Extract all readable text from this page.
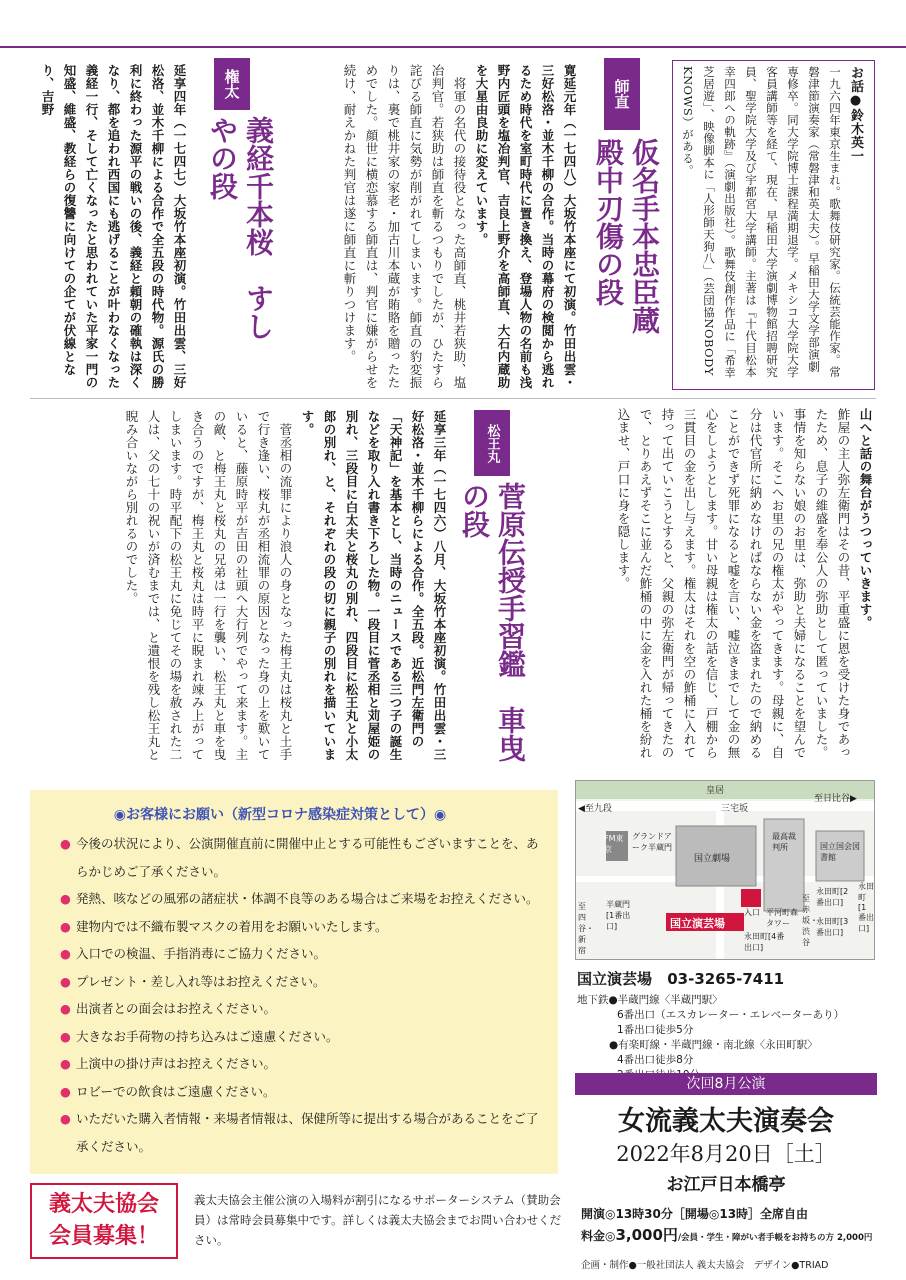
お話●鈴木英一
一九六四年東京生まれ。歌舞伎研究家。伝統芸能作家。常磐津節演奏家（常磐津和英太夫）。早稲田大学文学部演劇専修卒。同大学院博士課程満期退学。メキシコ大学院大学客員講師等を経て、現在、早稲田大学演劇博物館招聘研究員、聖学院大学及び宇都宮大学講師。主著は『十代目松本幸四郎への軌跡』（演劇出版社）。歌舞伎創作作品に「希幸芝居遊」、映像脚本に「人形師天狗八」（芸団協NOBODY KNOWS）がある。
師直
仮名手本忠臣蔵　殿中刃傷の段
寛延元年（一七四八）大坂竹本座にて初演。竹田出雲・三好松洛・並木千柳の合作。当時の幕府の検閲から逃れるため時代を室町時代に置き換え、登場人物の名前も浅野内匠頭を塩冶判官、吉良上野介を高師直、大石内蔵助を大星由良助に変えています。

将軍の名代の接待役となった高師直、桃井若狭助、塩冶判官。若狭助は師直を斬るつもりでしたが、ひたすら詫びる師直に気勢が削がれてしまいます。師直の豹変振りは、裏で桃井家の家老・加古川本蔵が賄賂を贈ったためでした。顔世に横恋慕する師直は、判官に嫌がらせを続け、耐えかねた判官は遂に師直に斬りつけます。

権太
義経千本桜　すしやの段
延享四年（一七四七）大坂竹本座初演。竹田出雲、三好松洛、並木千柳による合作で全五段の時代物。源氏の勝利に終わった源平の戦いの後、義経と頼朝の確執は深くなり、都を追われ西国にも逃げることが叶わなくなった義経一行、そして亡くなったと思われていた平家一門の知盛、維盛、教経らの復讐に向けての企てが伏線となり、吉野
山へと話の舞台がうつっていきます。
鮓屋の主人弥左衛門はその昔、平重盛に恩を受けた身であったため、息子の維盛を奉公人の弥助として匿っていました。事情を知らない娘のお里は、弥助と夫婦になることを望んでいます。そこへお里の兄の権太がやってきます。母親に、自分は代官所に納めなければならない金を盗まれたので納めることができず死罪になると嘘を言い、嘘泣きまでして金の無心をしようとします。甘い母親は権太の話を信じ、戸棚から三貫目の金を出し与えます。権太はそれを空の鮓桶に入れて持って出ていこうとすると、父親の弥左衛門が帰ってきたので、とりあえずそこに並んだ鮓桶の中に金を入れた桶を紛れ込ませ、戸口に身を隠します。
松王丸
菅原伝授手習鑑　車曳の段
延享三年（一七四六）八月、大坂竹本座初演。竹田出雲・三好松洛・並木千柳らによる合作。全五段。近松門左衛門の「天神記」を基本とし、当時のニュースである三つ子の誕生などを取り入れ書き下ろした物。一段目に菅丞相と苅屋姫の別れ、三段目に白太夫と桜丸の別れ、四段目に松王丸と小太郎の別れ、と、それぞれの段の切に親子の別れを描いています。

菅丞相の流罪により浪人の身となった梅王丸は桜丸と土手で行き逢い、桜丸が丞相流罪の原因となった身の上を歎いていると、藤原時平が吉田の社頭へ大行列でやって来ます。主の敵、と梅王丸と桜丸の兄弟は一行を襲い、松王丸と車を曳き合うのですが、梅王丸と桜丸は時平に睨まれ竦み上がってしまいます。時平配下の松王丸に免じてその場を赦された二人は、父の七十の祝いが済むまでは、と遺恨を残し松王丸と睨み合いながら別れるのでした。

◉お客様にお願い（新型コロナ感染症対策として）◉
● 今後の状況により、公演開催直前に開催中止とする可能性もございますことを、あらかじめご了承ください。
● 発熱、咳などの風邪の諸症状・体調不良等のある場合はご来場をお控えください。
● 建物内では不織布製マスクの着用をお願いいたします。
● 入口での検温、手指消毒にご協力ください。
● プレゼント・差し入れ等はお控えください。
● 出演者との面会はお控えください。
● 大きなお手荷物の持ち込みはご遠慮ください。
● 上演中の掛け声はお控えください。
● ロビーでの飲食はご遠慮ください。
● いただいた購入者情報・来場者情報は、保健所等に提出する場合があることをご了承ください。
義太夫協会
会員募集！
義太夫協会主催公演の入場料が割引になるサポーターシステム（賛助会員）は常時会員募集中です。詳しくは義太夫協会までお問い合わせください。
皇居
三宅坂
◀至九段
至日比谷▶
FM東京
グランドアーク半蔵門
国立劇場
最高裁判所	国立国会図書館
入口 平河町森タワー
永田町[2番出口]
永田町[3番出口]
永田町[4番出口]
永田町[1番出口]
半蔵門[1番出口]
至四谷・新宿
至赤坂・渋谷
国立演芸場
国立演芸場 03-3265-7411
地下鉄●半蔵門線〈半蔵門駅〉
6番出口（エスカレーター・エレベーターあり）
1番出口徒歩5分
●有楽町線・半蔵門線・南北線〈永田町駅〉
4番出口徒歩8分
次回8月公演
女流義太夫演奏会
2022年8月20日［土］
お江戸日本橋亭
開演◎13時30分［開場◎13時］全席自由
料金◎3,000円/会員・学生・障がい者手帳をお持ちの方 2,000円
企画・制作●一般社団法人 義太夫協会　デザイン●TRIAD
